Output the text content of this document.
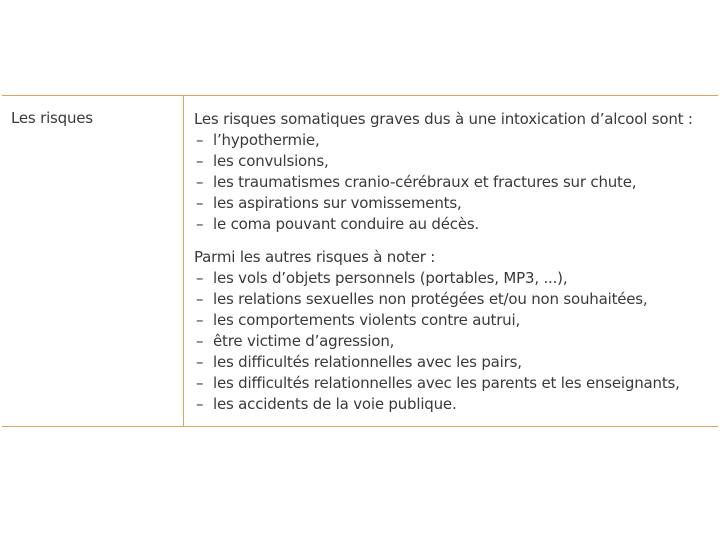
Les risques	Les risques somatiques graves dus à une intoxication d’alcool sont :
– l’hypothermie,
– les convulsions,
– les traumatismes cranio-cérébraux et fractures sur chute,
– les aspirations sur vomissements,
– le coma pouvant conduire au décès.
Parmi les autres risques à noter :
– les vols d’objets personnels (portables, MP3, ...),
– les relations sexuelles non protégées et/ou non souhaitées,
– les comportements violents contre autrui,
– être victime d’agression,
– les difficultés relationnelles avec les pairs,
– les difficultés relationnelles avec les parents et les enseignants,
– les accidents de la voie publique.
